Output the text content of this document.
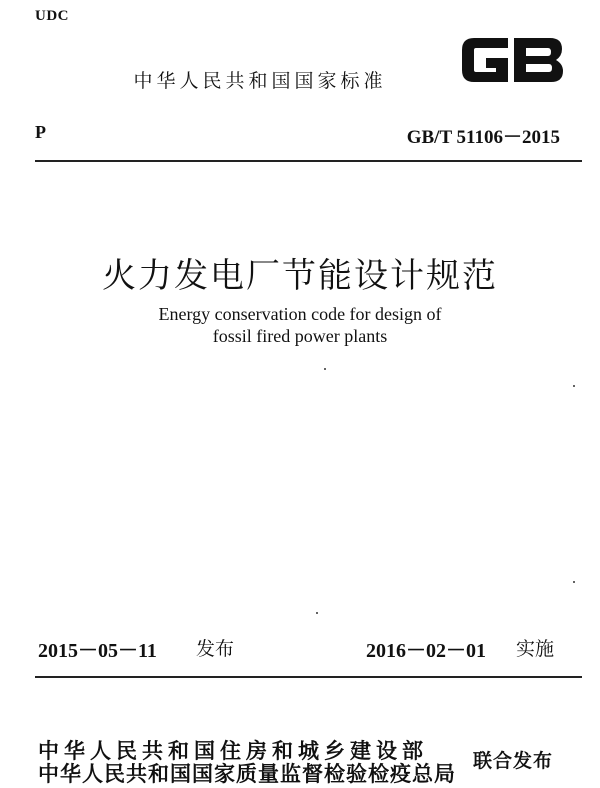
UDC
中华人民共和国国家标准
P	GB/T 51106－2015
火力发电厂节能设计规范
Energy conservation code for design of
fossil fired power plants
2015－05－11 发布	2016－02－01 实施
中华人民共和国住房和城乡建设部
中华人民共和国国家质量监督检验检疫总局
联合发布
